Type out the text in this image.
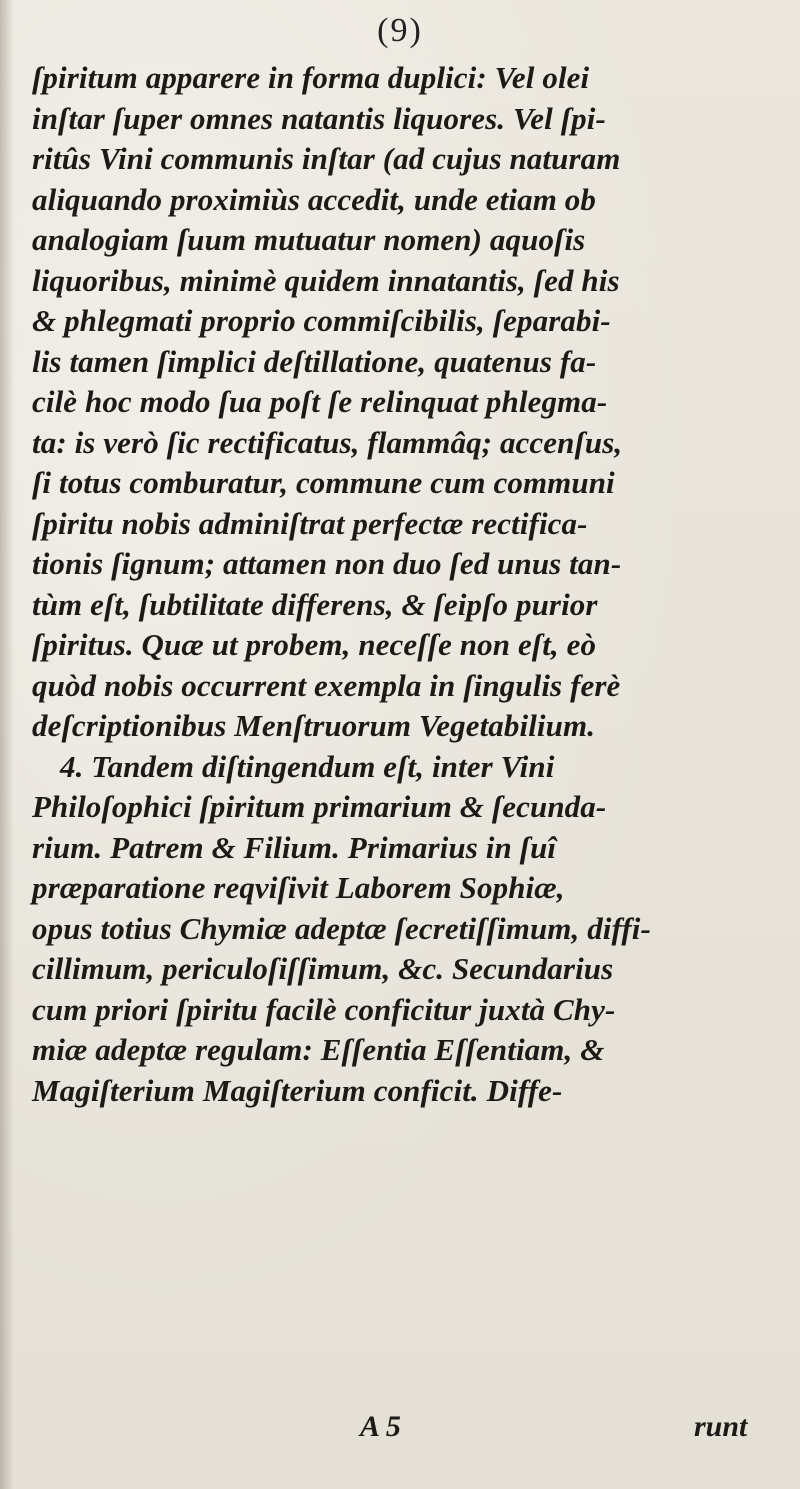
(9)
ſpiritum apparere in forma duplici: Vel olei
inſtar ſuper omnes natantis liquores. Vel ſpi-
ritûs Vini communis inſtar (ad cujus naturam
aliquando proximiùs accedit, unde etiam ob
analogiam ſuum mutuatur nomen) aquoſis
liquoribus, minimè quidem innatantis, ſed his
& phlegmati proprio commiſcibilis, ſeparabi-
lis tamen ſimplici deſtillatione, quatenus fa-
cilè hoc modo ſua poſt ſe relinquat phlegma-
ta: is verò ſic rectificatus, flammâq; accenſus,
ſi totus comburatur, commune cum communi
ſpiritu nobis adminiſtrat perfectæ rectifica-
tionis ſignum; attamen non duo ſed unus tan-
tùm eſt, ſubtilitate differens, & ſeipſo purior
ſpiritus. Quæ ut probem, neceſſe non eſt, eò
quòd nobis occurrent exempla in ſingulis ferè
deſcriptionibus Menſtruorum Vegetabilium.
4. Tandem diſtingendum eſt, inter Vini
Philoſophici ſpiritum primarium & ſecunda-
rium. Patrem & Filium. Primarius in ſuî
præparatione reqviſivit Laborem Sophiæ,
opus totius Chymiæ adeptæ ſecretiſſimum, diffi-
cillimum, periculoſiſſimum, &c. Secundarius
cum priori ſpiritu facilè conficitur juxtà Chy-
miæ adeptæ regulam: Eſſentia Eſſentiam, &
Magiſterium Magiſterium conficit. Diffe-
A 5	runt
